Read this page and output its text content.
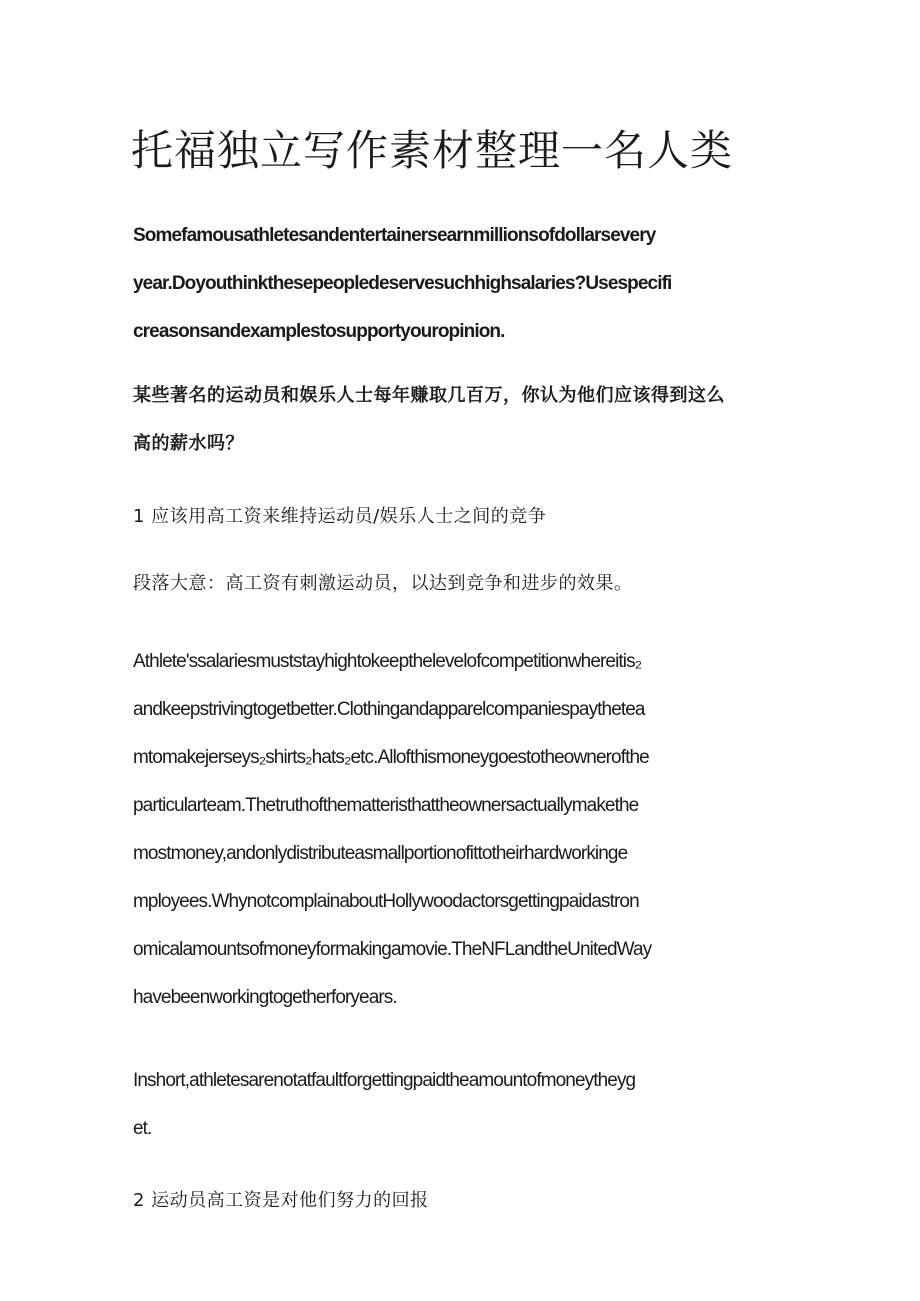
托福独立写作素材整理一名人类

Somefamousathletesandentertainersearnmillionsofdollarsevery

year.Doyouthinkthesepeopledeservesuchhighsalaries?Usespecifi

creasonsandexamplestosupportyouropinion.

某些著名的运动员和娱乐人士每年赚取几百万，你认为他们应该得到这么

高的薪水吗？

1 应该用高工资来维持运动员/娱乐人士之间的竞争

段落大意：高工资有刺激运动员，以达到竞争和进步的效果。

Athlete'ssalariesmuststayhightokeepthelevelofcompetitionwhereitis₂

andkeepstrivingtogetbetter.Clothingandapparelcompaniespaythetea

mtomakejerseys₂shirts₂hats₂etc.Allofthismoneygoestotheownerofthe

particularteam.Thetruthofthematteristhattheownersactuallymakethe

mostmoney,andonlydistributeasmallportionofittotheirhardworkinge

mployees.WhynotcomplainaboutHollywoodactorsgettingpaidastron

omicalamountsofmoneyformakingamovie.TheNFLandtheUnitedWay

havebeenworkingtogetherforyears.

Inshort,athletesarenotatfaultforgettingpaidtheamountofmoneytheyg

et.

2 运动员高工资是对他们努力的回报
